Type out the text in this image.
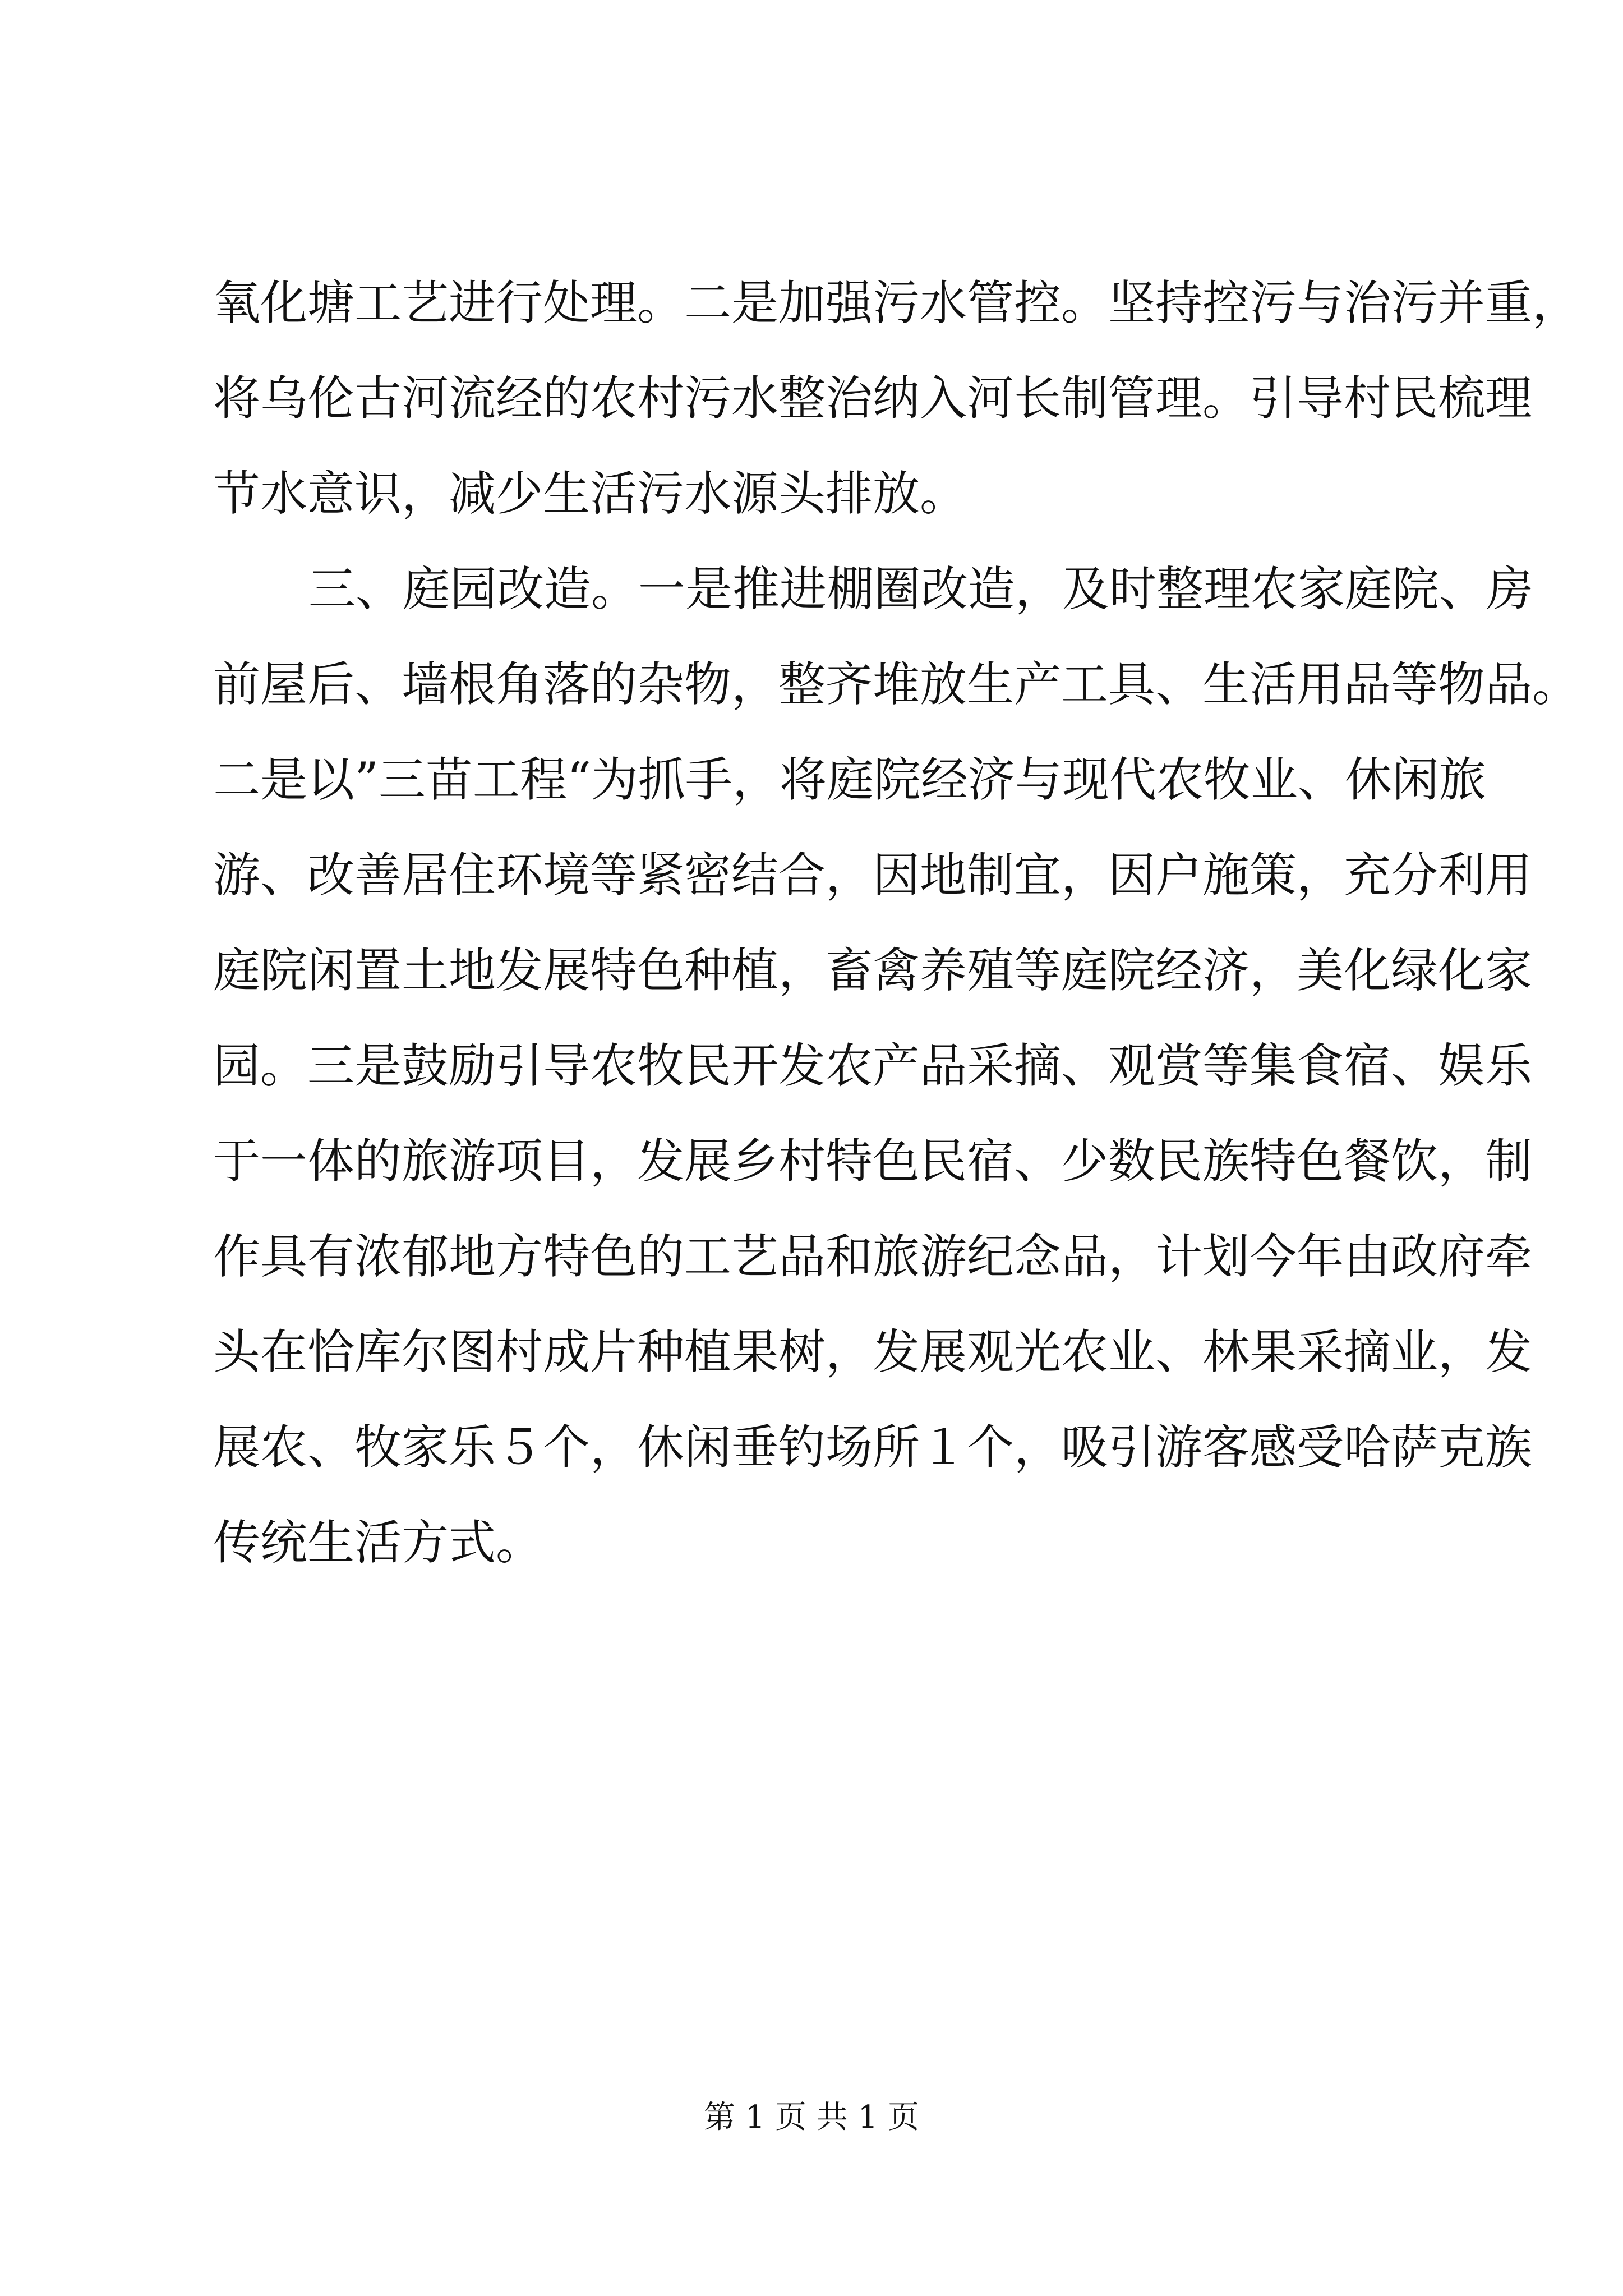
氧化塘工艺进行处理。二是加强污水管控。坚持控污与治污并重，
将乌伦古河流经的农村污水整治纳入河长制管理。引导村民梳理
节水意识，减少生活污水源头排放。
三、庭园改造。一是推进棚圈改造，及时整理农家庭院、房
前屋后、墙根角落的杂物，整齐堆放生产工具、生活用品等物品。
二是以”三苗工程“为抓手，将庭院经济与现代农牧业、休闲旅
游、改善居住环境等紧密结合，因地制宜，因户施策，充分利用
庭院闲置土地发展特色种植，畜禽养殖等庭院经济，美化绿化家
园。三是鼓励引导农牧民开发农产品采摘、观赏等集食宿、娱乐
于一体的旅游项目，发展乡村特色民宿、少数民族特色餐饮，制
作具有浓郁地方特色的工艺品和旅游纪念品，计划今年由政府牵
头在恰库尔图村成片种植果树，发展观光农业、林果采摘业，发
展农、牧家乐５个，休闲垂钓场所１个，吸引游客感受哈萨克族
传统生活方式。
第 1 页 共 1 页
